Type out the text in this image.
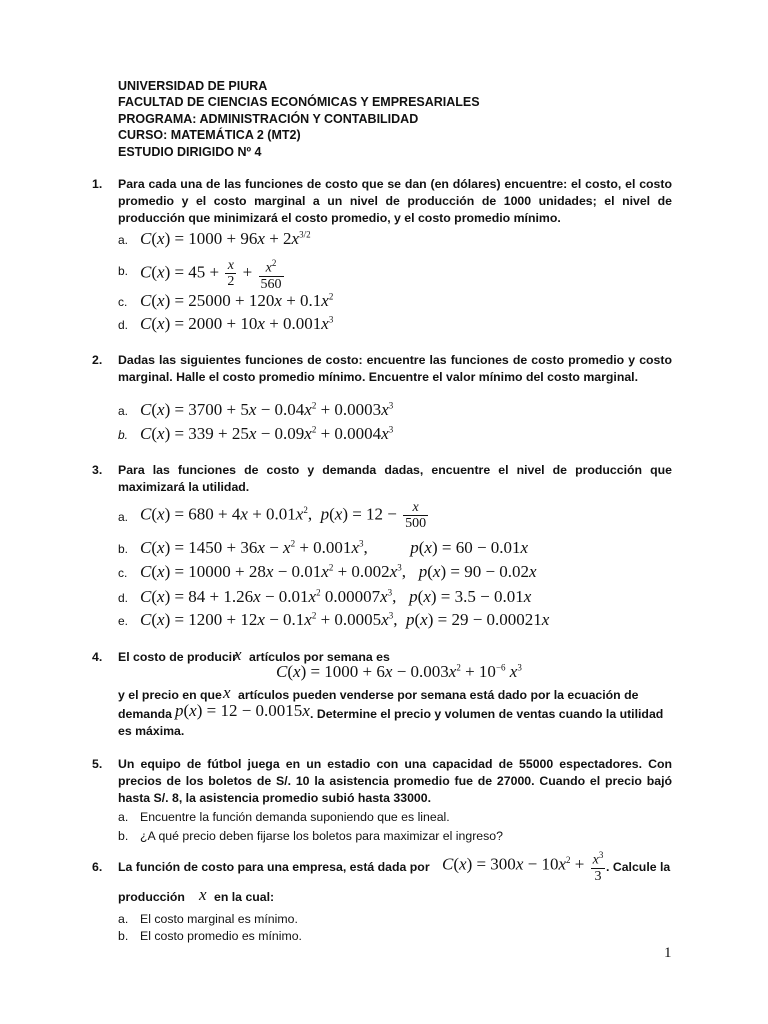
UNIVERSIDAD DE PIURA
FACULTAD DE CIENCIAS ECONÓMICAS Y EMPRESARIALES
PROGRAMA: ADMINISTRACIÓN Y CONTABILIDAD
CURSO: MATEMÁTICA 2 (MT2)
ESTUDIO DIRIGIDO Nº 4
1. Para cada una de las funciones de costo que se dan (en dólares) encuentre: el costo, el costo promedio y el costo marginal a un nivel de producción de 1000 unidades; el nivel de producción que minimizará el costo promedio, y el costo promedio mínimo.
a. $C(x) = 1000 + 96x + 2x^{3/2}$
b. $C(x) = 45 + \frac{x}{2} + \frac{x^2}{560}$
c. $C(x) = 25000 + 120x + 0.1x^2$
d. $C(x) = 2000 + 10x + 0.001x^3$
2. Dadas las siguientes funciones de costo: encuentre las funciones de costo promedio y costo marginal. Halle el costo promedio mínimo. Encuentre el valor mínimo del costo marginal.
a. $C(x) = 3700 + 5x - 0.04x^2 + 0.0003x^3$
b. $C(x) = 339 + 25x - 0.09x^2 + 0.0004x^3$
3. Para las funciones de costo y demanda dadas, encuentre el nivel de producción que maximizará la utilidad.
a. $C(x) = 680 + 4x + 0.01x^2$,  $p(x) = 12 - \frac{x}{500}$
b. $C(x) = 1450 + 36x - x^2 + 0.001x^3$,          p(x) = 60 − 0.01x
c. $C(x) = 10000 + 28x - 0.01x^2 + 0.002x^3$,   p(x) = 90 − 0.02x
d. $C(x) = 84 + 1.26x - 0.01x^2$ $0.00007x^3$,   p(x) = 3.5 − 0.01x
e. $C(x) = 1200 + 12x - 0.1x^2 + 0.0005x^3$,  p(x) = 29 − 0.00021x
4. El costo de producir
x artículos por semana es
$C(x) = 1000 + 6x - 0.003x^2 + 10^{-6}$ $x^3$
y el precio en que x artículos pueden venderse por semana está dado por la ecuación de
demanda p(x) = 12 − 0.0015x . Determine el precio y volumen de ventas cuando la utilidad
es máxima.
5. Un equipo de fútbol juega en un estadio con una capacidad de 55000 espectadores. Con precios de los boletos de S/. 10 la asistencia promedio fue de 27000. Cuando el precio bajó hasta S/. 8, la asistencia promedio subió hasta 33000.
a. Encuentre la función demanda suponiendo que es lineal.
b. ¿A qué precio deben fijarse los boletos para maximizar el ingreso?
6. La función de costo para una empresa, está dada por $C(x) = 300x - 10x^2 + \frac{x^3}{3}$ . Calcule la
producción x en la cual:
a. El costo marginal es mínimo.
b. El costo promedio es mínimo.
1
